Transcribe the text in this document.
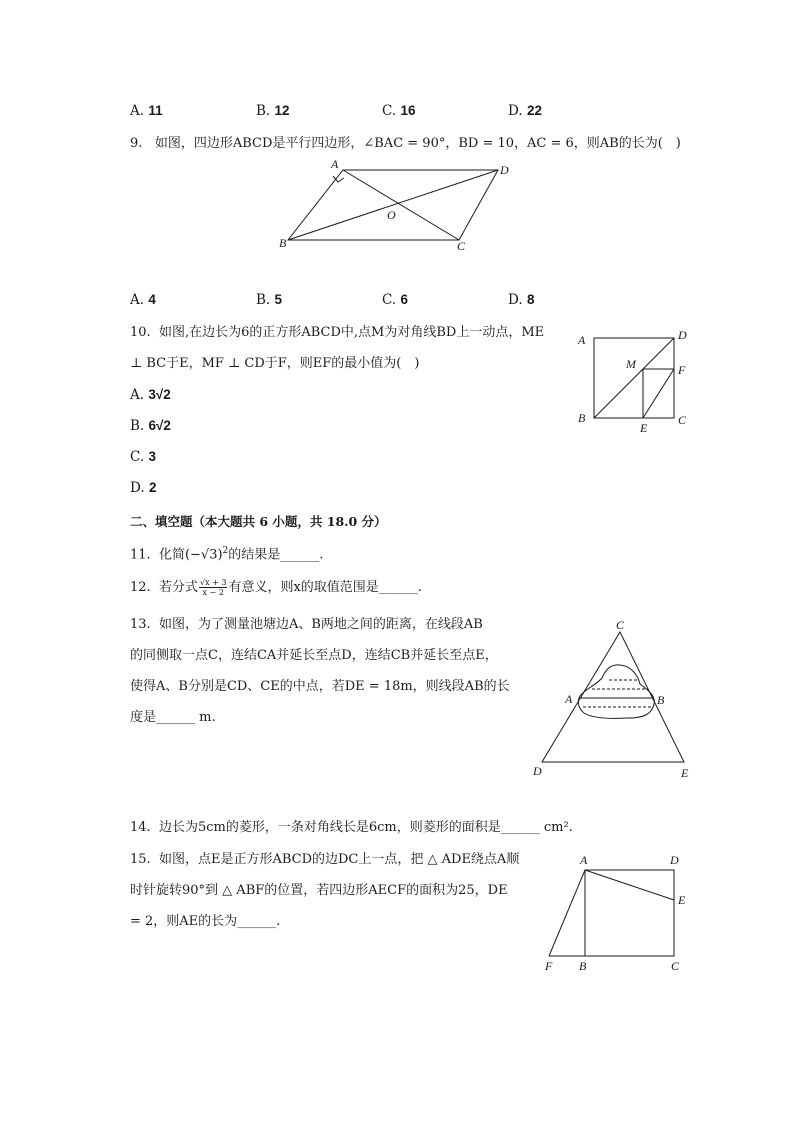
A. 11	B. 12	C. 16	D. 22
9. 如图，四边形ABCD是平行四边形，∠BAC = 90°，BD = 10，AC = 6，则AB的长为(　)
A	D
B	C
O
A. 4	B. 5	C. 6	D. 8
10. 如图,在边长为6的正方形ABCD中,点M为对角线BD上一动点，ME
⊥ BC于E，MF ⊥ CD于F，则EF的最小值为(　)
A. 3√2
B. 6√2
C. 3
D. 2
A	D
B	C
M	F
E
二、填空题（本大题共 6 小题，共 18.0 分）
11. 化简$(-√3)^2$的结果是______.
12. 若分式 $\frac{√x + 3}{x - 2}$ 有意义，则x的取值范围是______.
13. 如图，为了测量池塘边A、B两地之间的距离，在线段AB
的同侧取一点C，连结CA并延长至点D，连结CB并延长至点E，
使得A、B分别是CD、CE的中点，若DE = 18m，则线段AB的长
度是______ m.
C
A	B
D	E
14. 边长为5cm的菱形，一条对角线长是6cm，则菱形的面积是______ cm².
15. 如图，点E是正方形ABCD的边DC上一点，把 △ ADE绕点A顺
时针旋转90°到 △ ABF的位置，若四边形AECF的面积为25，DE
= 2，则AE的长为______.
A	D
E
F B	C
